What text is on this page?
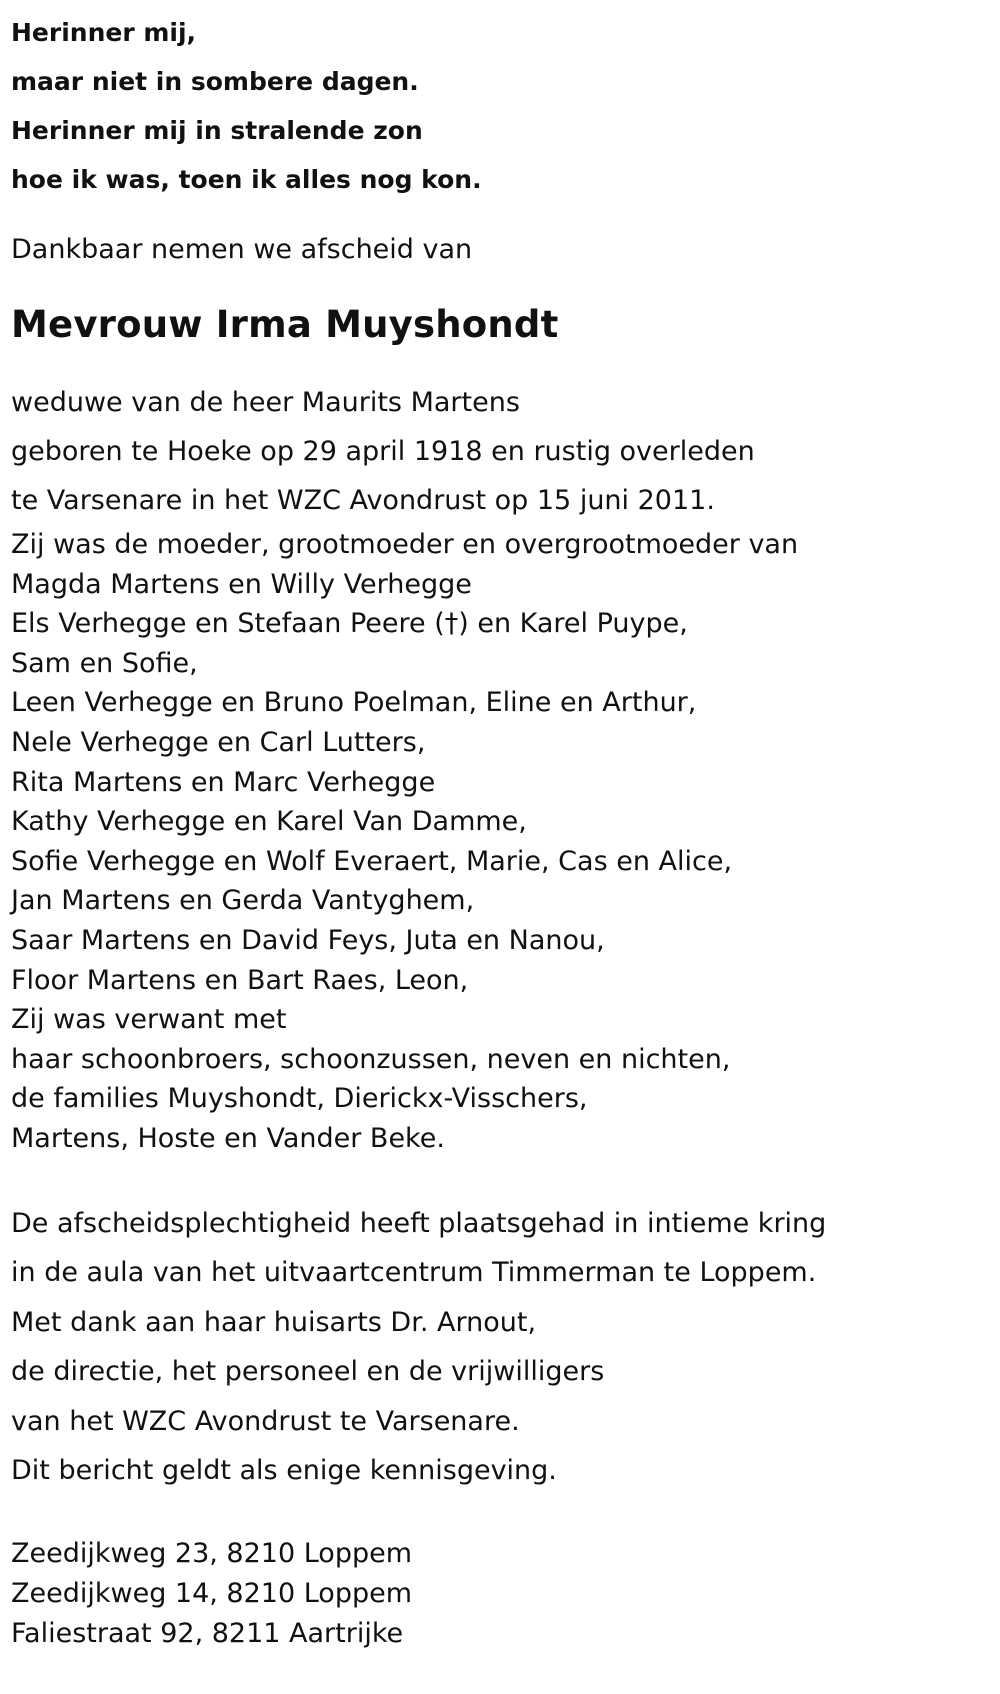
Herinner mij,
maar niet in sombere dagen.
Herinner mij in stralende zon
hoe ik was, toen ik alles nog kon.
Dankbaar nemen we afscheid van
Mevrouw Irma Muyshondt
weduwe van de heer Maurits Martens
geboren te Hoeke op 29 april 1918 en rustig overleden
te Varsenare in het WZC Avondrust op 15 juni 2011.
Zij was de moeder, grootmoeder en overgrootmoeder van
Magda Martens en Willy Verhegge
Els Verhegge en Stefaan Peere (†) en Karel Puype,
Sam en Sofie,
Leen Verhegge en Bruno Poelman, Eline en Arthur,
Nele Verhegge en Carl Lutters,
Rita Martens en Marc Verhegge
Kathy Verhegge en Karel Van Damme,
Sofie Verhegge en Wolf Everaert, Marie, Cas en Alice,
Jan Martens en Gerda Vantyghem,
Saar Martens en David Feys, Juta en Nanou,
Floor Martens en Bart Raes, Leon,
Zij was verwant met
haar schoonbroers, schoonzussen, neven en nichten,
de families Muyshondt, Dierickx-Visschers,
Martens, Hoste en Vander Beke.
De afscheidsplechtigheid heeft plaatsgehad in intieme kring
in de aula van het uitvaartcentrum Timmerman te Loppem.
Met dank aan haar huisarts Dr. Arnout,
de directie, het personeel en de vrijwilligers
van het WZC Avondrust te Varsenare.
Dit bericht geldt als enige kennisgeving.
Zeedijkweg 23, 8210 Loppem
Zeedijkweg 14, 8210 Loppem
Faliestraat 92, 8211 Aartrijke
